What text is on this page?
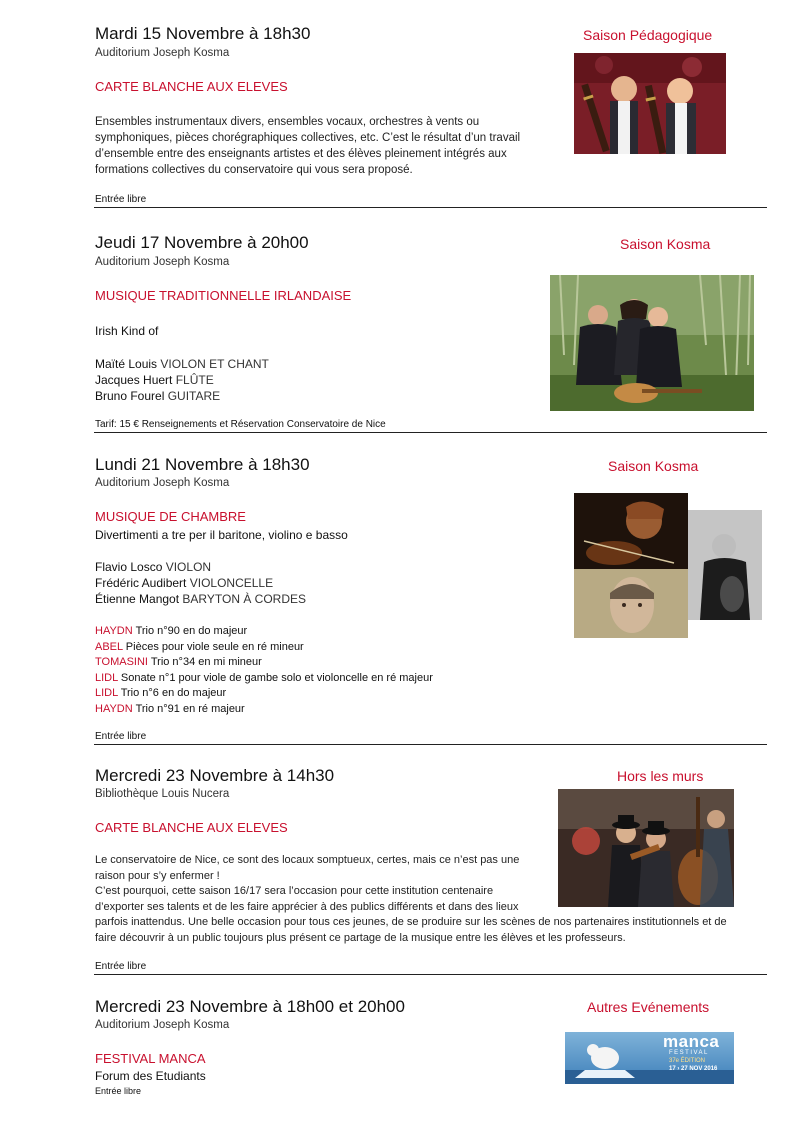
Mardi 15 Novembre à 18h30
Auditorium Joseph Kosma
Saison Pédagogique
CARTE BLANCHE AUX ELEVES
Ensembles instrumentaux divers, ensembles vocaux, orchestres à vents ou
symphoniques, pièces chorégraphiques collectives, etc. C’est le résultat d’un travail
d’ensemble entre des enseignants artistes et des élèves pleinement intégrés aux
formations collectives du conservatoire qui vous sera proposé.
Entrée libre
Jeudi 17 Novembre à 20h00
Auditorium Joseph Kosma
Saison Kosma
MUSIQUE TRADITIONNELLE IRLANDAISE
Irish Kind of
Maïté Louis VIOLON ET CHANT
Jacques Huert FLÛTE
Bruno Fourel GUITARE
Tarif: 15 € Renseignements et Réservation Conservatoire de Nice
Lundi 21 Novembre à 18h30
Auditorium Joseph Kosma
Saison Kosma
MUSIQUE DE CHAMBRE
Divertimenti a tre per il baritone, violino e basso
Flavio Losco VIOLON
Frédéric Audibert VIOLONCELLE
Étienne Mangot BARYTON À CORDES
HAYDN Trio n°90 en do majeur
ABEL Pièces pour viole seule en ré mineur
TOMASINI Trio n°34 en mi mineur
LIDL Sonate n°1 pour viole de gambe solo et violoncelle en ré majeur
LIDL Trio n°6 en do majeur
HAYDN Trio n°91 en ré majeur
Entrée libre
Mercredi 23 Novembre à 14h30
Bibliothèque Louis Nucera
Hors les murs
CARTE BLANCHE AUX ELEVES
Le conservatoire de Nice, ce sont des locaux somptueux, certes, mais ce n’est pas une
raison pour s’y enfermer !
C’est pourquoi, cette saison 16/17 sera l’occasion pour cette institution centenaire
d’exporter ses talents et de les faire apprécier à des publics différents et dans des lieux
parfois inattendus. Une belle occasion pour tous ces jeunes, de se produire sur les scènes de nos partenaires institutionnels et de
faire découvrir à un public toujours plus présent ce partage de la musique entre les élèves et les professeurs.
Entrée libre
Mercredi 23 Novembre à 18h00 et 20h00
Auditorium Joseph Kosma
Autres Evénements
FESTIVAL MANCA
Forum des Etudiants
Entrée libre
manca
FESTIVAL
37e ÉDITION
17 › 27 NOV 2016
